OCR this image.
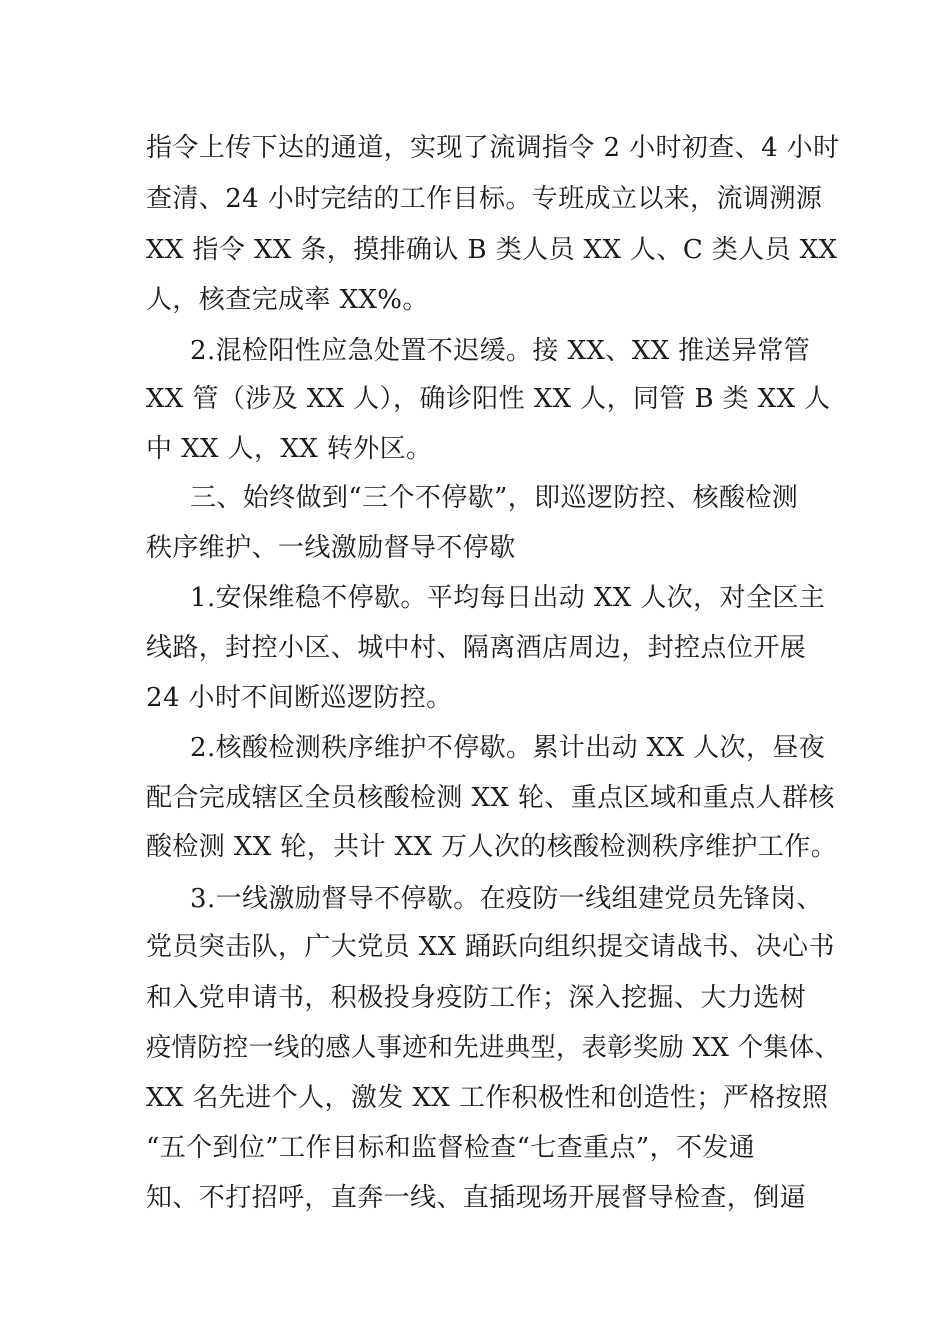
指令上传下达的通道，实现了流调指令 2 小时初查、4 小时
查清、24 小时完结的工作目标。专班成立以来，流调溯源
XX 指令 XX 条，摸排确认 B 类人员 XX 人、C 类人员 XX
人，核查完成率 XX%。
2.混检阳性应急处置不迟缓。接 XX、XX 推送异常管
XX 管（涉及 XX 人），确诊阳性 XX 人，同管 B 类 XX 人
中 XX 人，XX 转外区。
三、始终做到“三个不停歇”，即巡逻防控、核酸检测
秩序维护、一线激励督导不停歇
1.安保维稳不停歇。平均每日出动 XX 人次，对全区主
线路，封控小区、城中村、隔离酒店周边，封控点位开展
24 小时不间断巡逻防控。
2.核酸检测秩序维护不停歇。累计出动 XX 人次，昼夜
配合完成辖区全员核酸检测 XX 轮、重点区域和重点人群核
酸检测 XX 轮，共计 XX 万人次的核酸检测秩序维护工作。
3.一线激励督导不停歇。在疫防一线组建党员先锋岗、
党员突击队，广大党员 XX 踊跃向组织提交请战书、决心书
和入党申请书，积极投身疫防工作；深入挖掘、大力选树
疫情防控一线的感人事迹和先进典型，表彰奖励 XX 个集体、
XX 名先进个人，激发 XX 工作积极性和创造性；严格按照
“五个到位”工作目标和监督检查“七查重点”，不发通
知、不打招呼，直奔一线、直插现场开展督导检查，倒逼
